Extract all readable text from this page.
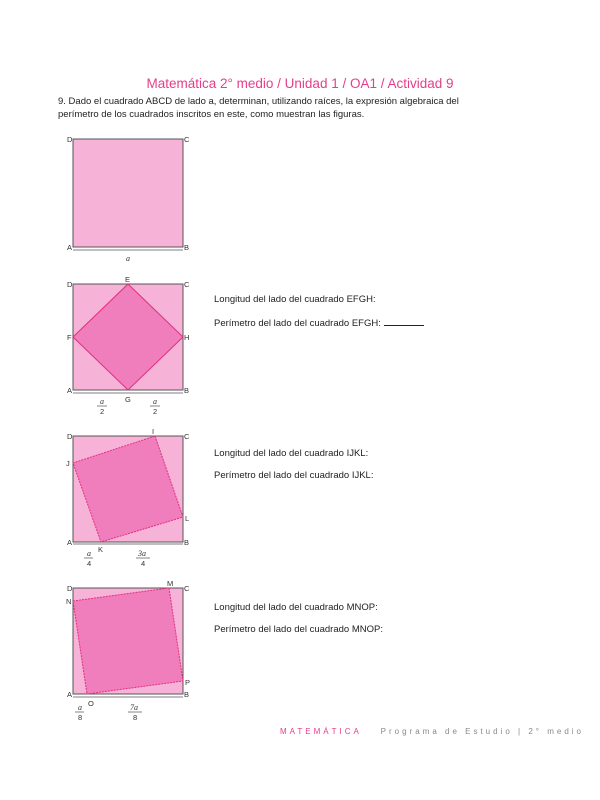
Matemática 2° medio / Unidad 1 / OA1 / Actividad 9
9. Dado el cuadrado ABCD de lado a, determinan, utilizando raíces, la expresión algebraica del
perímetro de los cuadrados inscritos en este, como muestran las figuras.
D	C
A	B
a
D
E
C
F	H
A
G
B
a
2
a
2
Longitud del lado del cuadrado EFGH:
Perímetro del lado del cuadrado EFGH:
D
I
C
J
L
A
K
B
a
4
3a
4
Longitud del lado del cuadrado IJKL:
Perímetro del lado del cuadrado IJKL:
D
M
C
N
P
A
O
B
a
8
7a
8
Longitud del lado del cuadrado MNOP:
Perímetro del lado del cuadrado MNOP:
MATEMÁTICA Programa de Estudio | 2° medio
